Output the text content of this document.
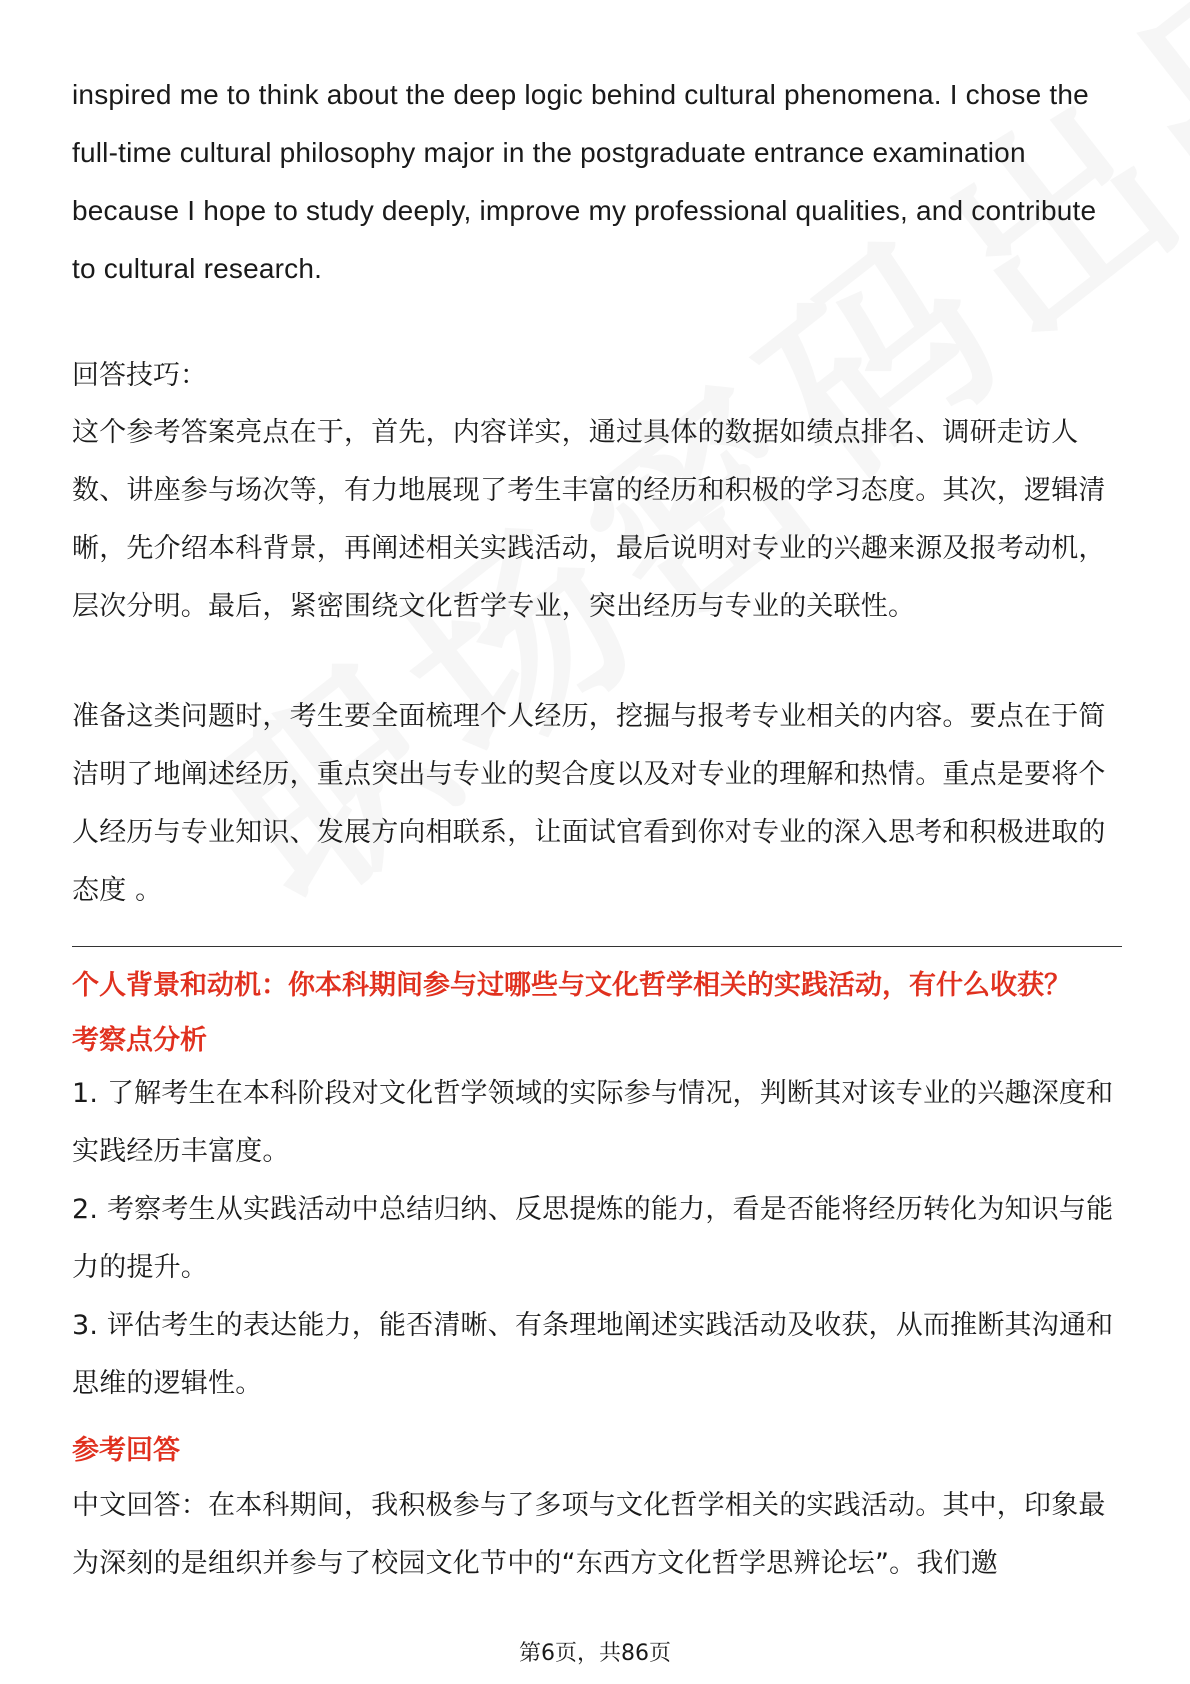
inspired me to think about the deep logic behind cultural phenomena. I chose the full-time cultural philosophy major in the postgraduate entrance examination because I hope to study deeply, improve my professional qualities, and contribute to cultural research.

回答技巧：

这个参考答案亮点在于，首先，内容详实，通过具体的数据如绩点排名、调研走访人数、讲座参与场次等，有力地展现了考生丰富的经历和积极的学习态度。其次，逻辑清晰，先介绍本科背景，再阐述相关实践活动，最后说明对专业的兴趣来源及报考动机，层次分明。最后，紧密围绕文化哲学专业，突出经历与专业的关联性。

准备这类问题时，考生要全面梳理个人经历，挖掘与报考专业相关的内容。要点在于简洁明了地阐述经历，重点突出与专业的契合度以及对专业的理解和热情。重点是要将个人经历与专业知识、发展方向相联系，让面试官看到你对专业的深入思考和积极进取的态度 。

个人背景和动机：你本科期间参与过哪些与文化哲学相关的实践活动，有什么收获？

考察点分析

1. 了解考生在本科阶段对文化哲学领域的实际参与情况，判断其对该专业的兴趣深度和实践经历丰富度。

2. 考察考生从实践活动中总结归纳、反思提炼的能力，看是否能将经历转化为知识与能力的提升。

3. 评估考生的表达能力，能否清晰、有条理地阐述实践活动及收获，从而推断其沟通和思维的逻辑性。

参考回答

中文回答：在本科期间，我积极参与了多项与文化哲学相关的实践活动。其中，印象最为深刻的是组织并参与了校园文化节中的“东西方文化哲学思辨论坛”。我们邀

第6页，共86页
